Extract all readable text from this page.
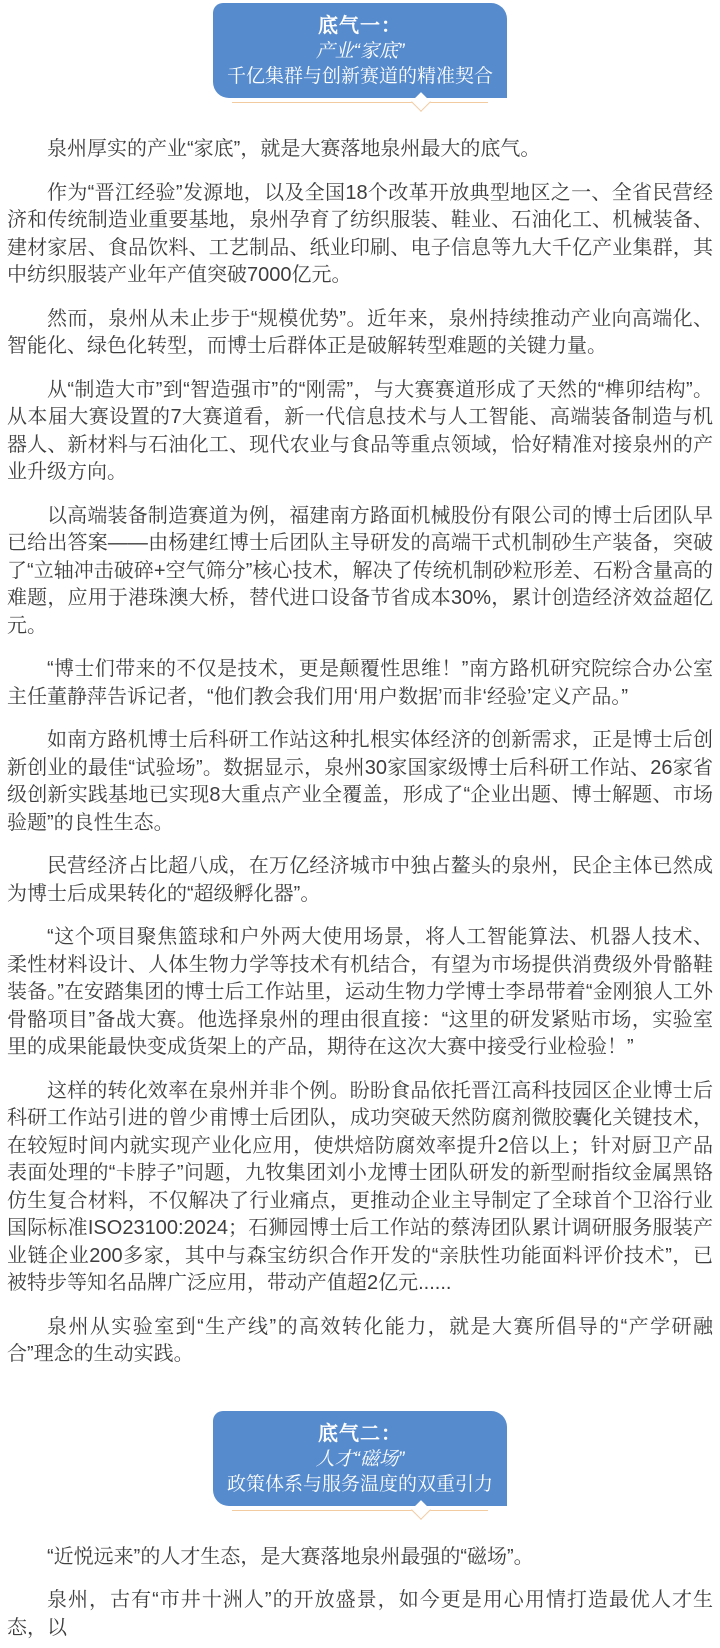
底气一：
产业“家底”
千亿集群与创新赛道的精准契合

泉州厚实的产业“家底”，就是大赛落地泉州最大的底气。

作为“晋江经验”发源地，以及全国18个改革开放典型地区之一、全省民营经济和传统制造业重要基地，泉州孕育了纺织服装、鞋业、石油化工、机械装备、建材家居、食品饮料、工艺制品、纸业印刷、电子信息等九大千亿产业集群，其中纺织服装产业年产值突破7000亿元。

然而，泉州从未止步于“规模优势”。近年来，泉州持续推动产业向高端化、智能化、绿色化转型，而博士后群体正是破解转型难题的关键力量。

从“制造大市”到“智造强市”的“刚需”，与大赛赛道形成了天然的“榫卯结构”。从本届大赛设置的7大赛道看，新一代信息技术与人工智能、高端装备制造与机器人、新材料与石油化工、现代农业与食品等重点领域，恰好精准对接泉州的产业升级方向。

以高端装备制造赛道为例，福建南方路面机械股份有限公司的博士后团队早已给出答案——由杨建红博士后团队主导研发的高端干式机制砂生产装备，突破了“立轴冲击破碎+空气筛分”核心技术，解决了传统机制砂粒形差、石粉含量高的难题，应用于港珠澳大桥，替代进口设备节省成本30%，累计创造经济效益超亿元。

“博士们带来的不仅是技术，更是颠覆性思维！”南方路机研究院综合办公室主任董静萍告诉记者，“他们教会我们用‘用户数据’而非‘经验’定义产品。”

如南方路机博士后科研工作站这种扎根实体经济的创新需求，正是博士后创新创业的最佳“试验场”。数据显示，泉州30家国家级博士后科研工作站、26家省级创新实践基地已实现8大重点产业全覆盖，形成了“企业出题、博士解题、市场验题”的良性生态。

民营经济占比超八成，在万亿经济城市中独占鳌头的泉州，民企主体已然成为博士后成果转化的“超级孵化器”。

“这个项目聚焦篮球和户外两大使用场景，将人工智能算法、机器人技术、柔性材料设计、人体生物力学等技术有机结合，有望为市场提供消费级外骨骼鞋装备。”在安踏集团的博士后工作站里，运动生物力学博士李昂带着“金刚狼人工外骨骼项目”备战大赛。他选择泉州的理由很直接：“这里的研发紧贴市场，实验室里的成果能最快变成货架上的产品，期待在这次大赛中接受行业检验！”

这样的转化效率在泉州并非个例。盼盼食品依托晋江高科技园区企业博士后科研工作站引进的曾少甫博士后团队，成功突破天然防腐剂微胶囊化关键技术，在较短时间内就实现产业化应用，使烘焙防腐效率提升2倍以上；针对厨卫产品表面处理的“卡脖子”问题，九牧集团刘小龙博士团队研发的新型耐指纹金属黑铬仿生复合材料，不仅解决了行业痛点，更推动企业主导制定了全球首个卫浴行业国际标准ISO23100:2024；石狮园博士后工作站的蔡涛团队累计调研服务服装产业链企业200多家，其中与森宝纺织合作开发的“亲肤性功能面料评价技术”，已被特步等知名品牌广泛应用，带动产值超2亿元......

泉州从实验室到“生产线”的高效转化能力，就是大赛所倡导的“产学研融合”理念的生动实践。

底气二：
人才“磁场”
政策体系与服务温度的双重引力

“近悦远来”的人才生态，是大赛落地泉州最强的“磁场”。

泉州，古有“市井十洲人”的开放盛景，如今更是用心用情打造最优人才生态，以
